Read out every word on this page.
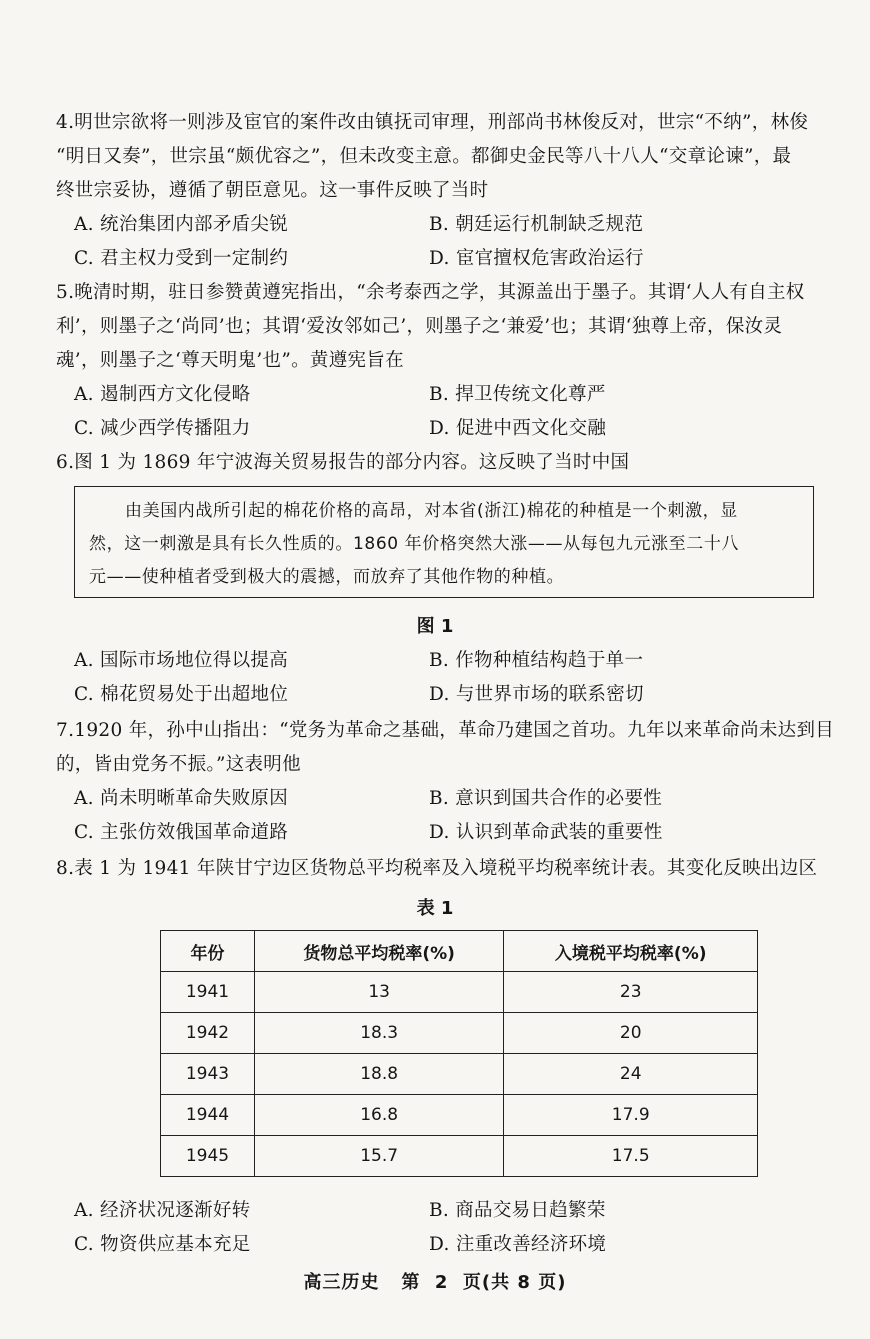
4.明世宗欲将一则涉及宦官的案件改由镇抚司审理，刑部尚书林俊反对，世宗“不纳”，林俊
“明日又奏”，世宗虽“颇优容之”，但未改变主意。都御史金民等八十八人“交章论谏”，最
终世宗妥协，遵循了朝臣意见。这一事件反映了当时
A. 统治集团内部矛盾尖锐	B. 朝廷运行机制缺乏规范
C. 君主权力受到一定制约	D. 宦官擅权危害政治运行
5.晚清时期，驻日参赞黄遵宪指出，“余考泰西之学，其源盖出于墨子。其谓‘人人有自主权
利’，则墨子之‘尚同’也；其谓‘爱汝邻如己’，则墨子之‘兼爱’也；其谓‘独尊上帝，保汝灵
魂’，则墨子之‘尊天明鬼’也”。黄遵宪旨在
A. 遏制西方文化侵略	B. 捍卫传统文化尊严
C. 减少西学传播阻力	D. 促进中西文化交融
6.图 1 为 1869 年宁波海关贸易报告的部分内容。这反映了当时中国
由美国内战所引起的棉花价格的高昂，对本省(浙江)棉花的种植是一个刺激，显
然，这一刺激是具有长久性质的。1860 年价格突然大涨——从每包九元涨至二十八
元——使种植者受到极大的震撼，而放弃了其他作物的种植。
图 1
A. 国际市场地位得以提高	B. 作物种植结构趋于单一
C. 棉花贸易处于出超地位	D. 与世界市场的联系密切
7.1920 年，孙中山指出：“党务为革命之基础，革命乃建国之首功。九年以来革命尚未达到目
的，皆由党务不振。”这表明他
A. 尚未明晰革命失败原因	B. 意识到国共合作的必要性
C. 主张仿效俄国革命道路	D. 认识到革命武装的重要性
8.表 1 为 1941 年陕甘宁边区货物总平均税率及入境税平均税率统计表。其变化反映出边区
表 1
年份	货物总平均税率(%)	入境税平均税率(%)
1941	13	23
1942	18.3	20
1943	18.8	24
1944	16.8	17.9
1945	15.7	17.5
A. 经济状况逐渐好转	B. 商品交易日趋繁荣
C. 物资供应基本充足	D. 注重改善经济环境
高三历史   第  2  页(共 8 页)
